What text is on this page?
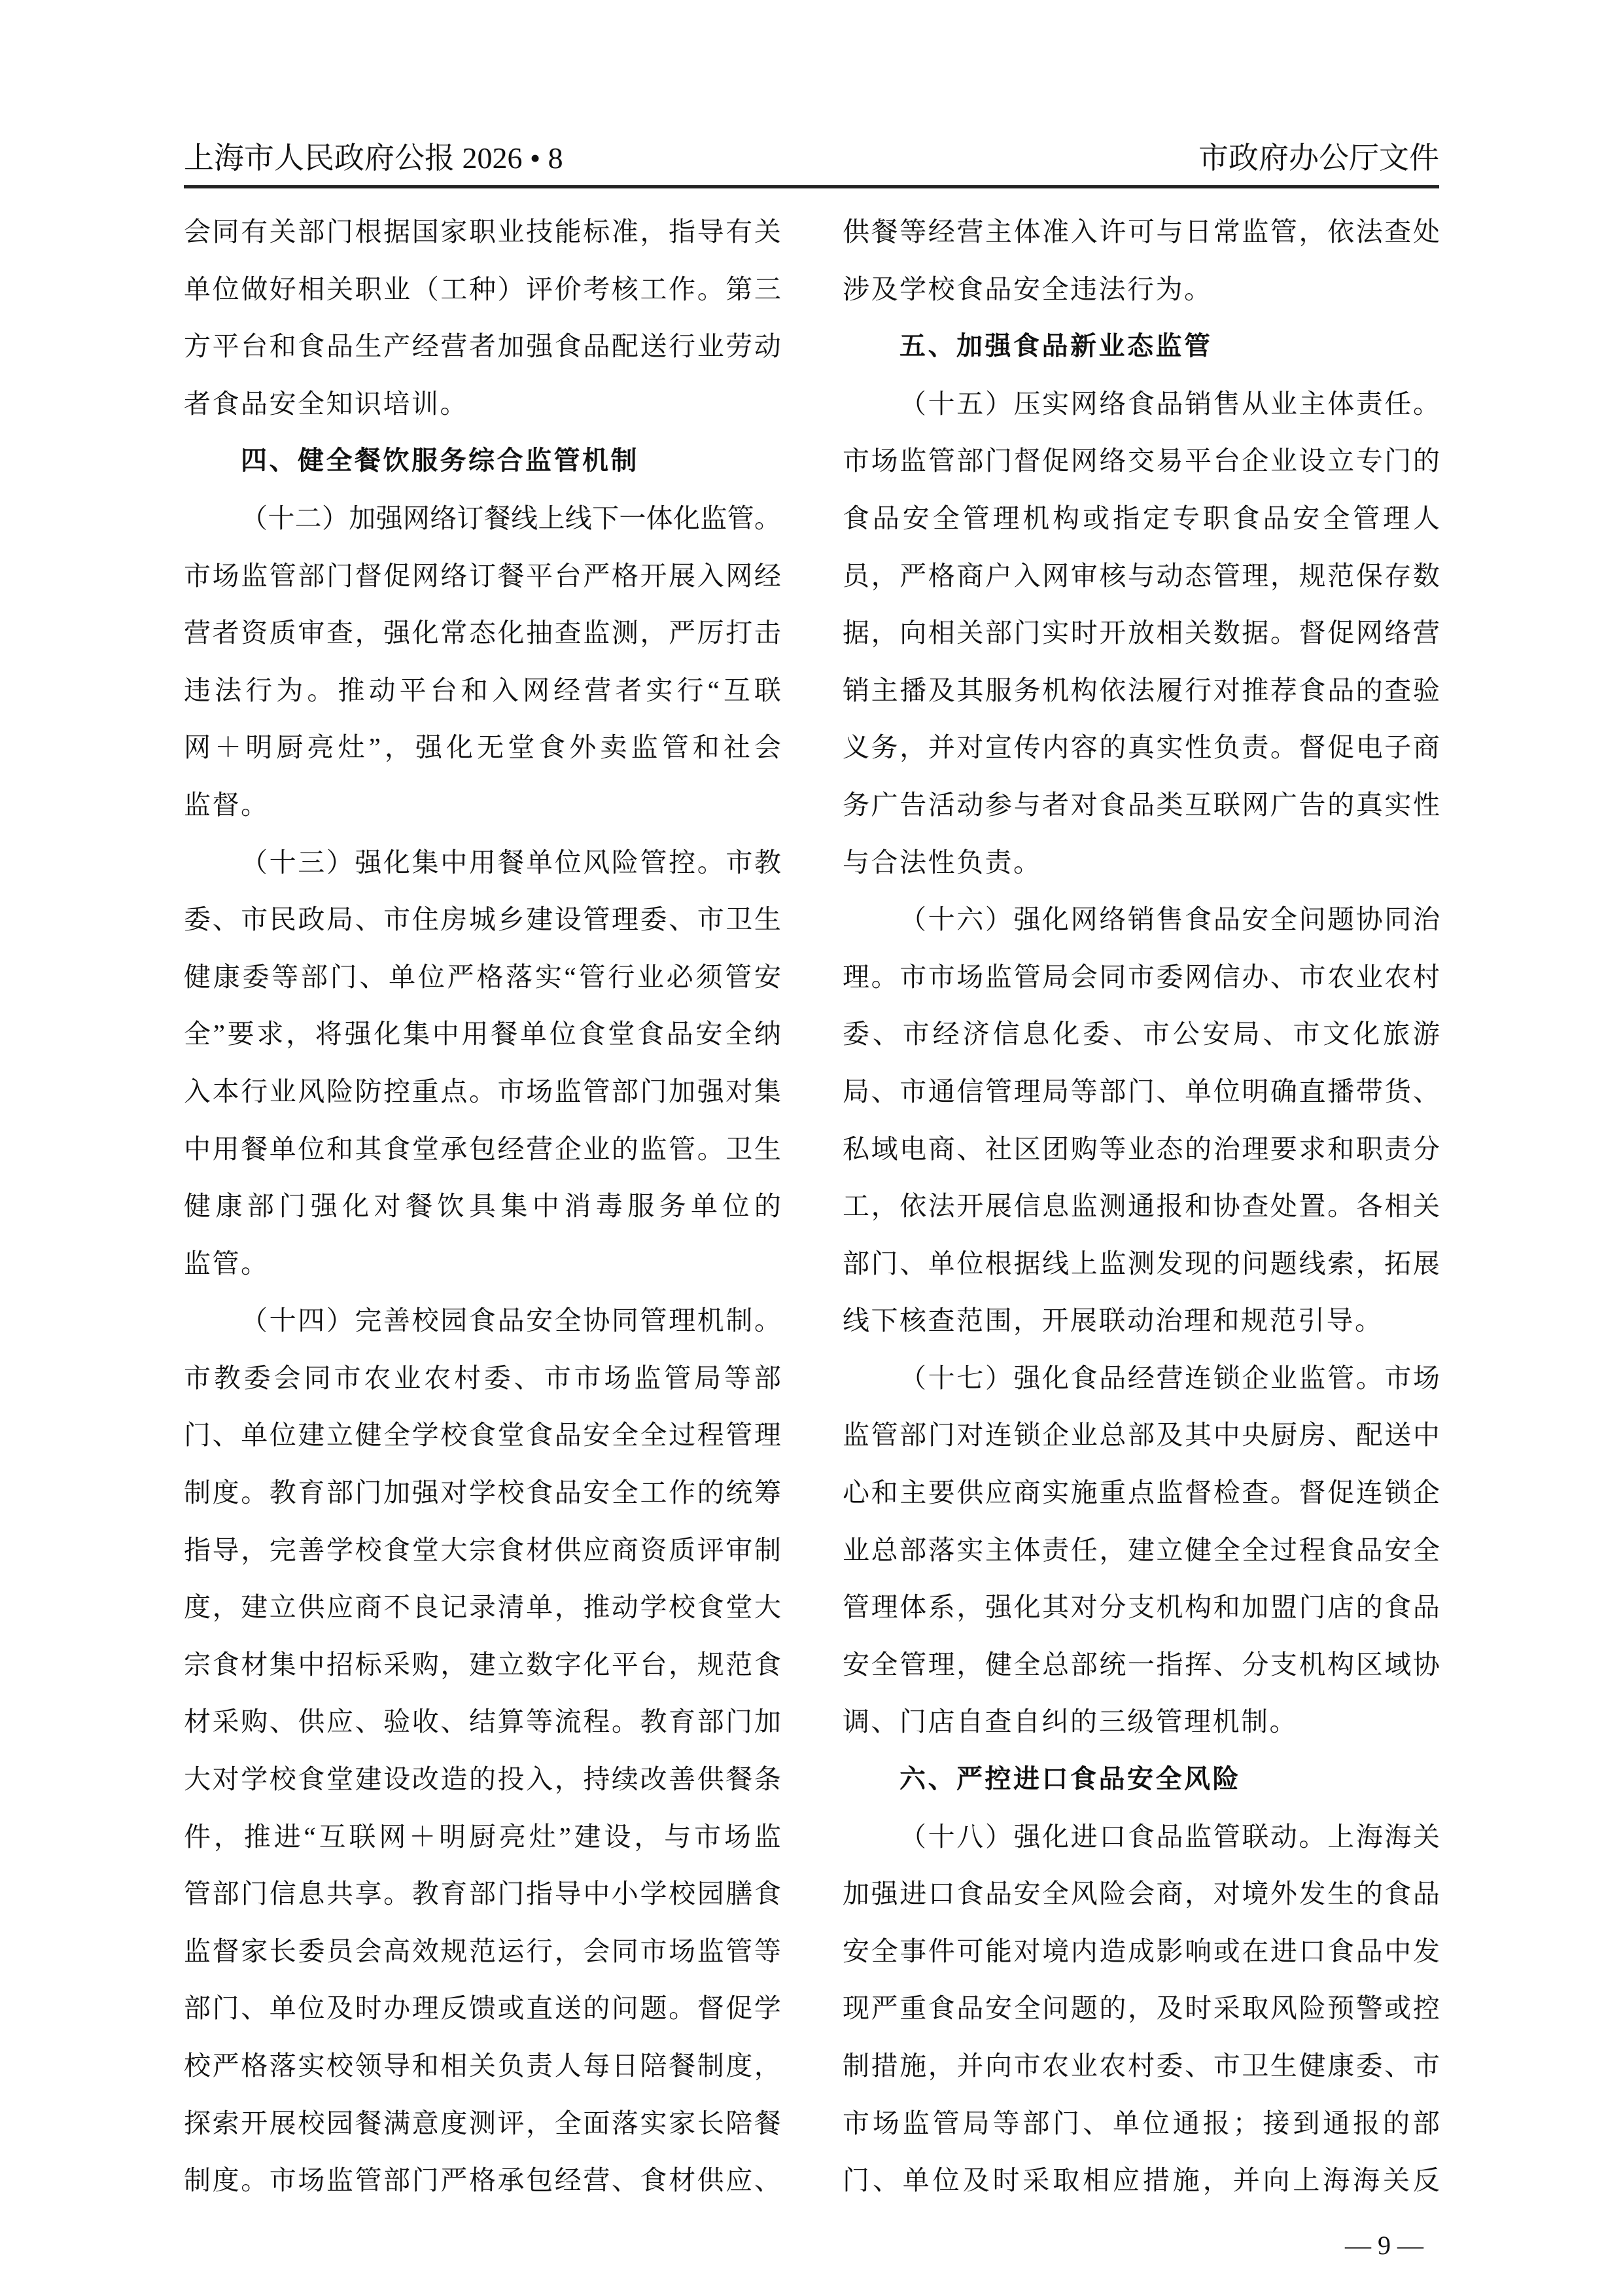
上海市人民政府公报 2026 • 8	市政府办公厅文件
会 同 有 关 部 门 根 据 国 家 职 业 技 能 标 准 ， 指 导 有 关
单 位 做 好 相 关 职 业 （ 工 种 ） 评 价 考 核 工 作 。 第 三
方 平 台 和 食 品 生 产 经 营 者 加 强 食 品 配 送 行 业 劳 动
者食品安全知识培训。
四、健全餐饮服务综合监管机制
（ 十 二 ） 加 强 网 络 订 餐 线 上 线 下 一 体 化 监 管 。
市 场 监 管 部 门 督 促 网 络 订 餐 平 台 严 格 开 展 入 网 经
营 者 资 质 审 查 ， 强 化 常 态 化 抽 查 监 测 ， 严 厉 打 击
违 法 行 为 。 推 动 平 台 和 入 网 经 营 者 实 行 “ 互 联
网 ＋ 明 厨 亮 灶 ” ， 强 化 无 堂 食 外 卖 监 管 和 社 会
监督。
（ 十 三 ） 强 化 集 中 用 餐 单 位 风 险 管 控 。 市 教
委 、 市 民 政 局 、 市 住 房 城 乡 建 设 管 理 委 、 市 卫 生
健 康 委 等 部 门 、 单 位 严 格 落 实 “ 管 行 业 必 须 管 安
全 ” 要 求 ， 将 强 化 集 中 用 餐 单 位 食 堂 食 品 安 全 纳
入 本 行 业 风 险 防 控 重 点 。 市 场 监 管 部 门 加 强 对 集
中 用 餐 单 位 和 其 食 堂 承 包 经 营 企 业 的 监 管 。 卫 生
健 康 部 门 强 化 对 餐 饮 具 集 中 消 毒 服 务 单 位 的
监管。
（ 十 四 ） 完 善 校 园 食 品 安 全 协 同 管 理 机 制 。
市 教 委 会 同 市 农 业 农 村 委 、 市 市 场 监 管 局 等 部
门 、 单 位 建 立 健 全 学 校 食 堂 食 品 安 全 全 过 程 管 理
制 度 。 教 育 部 门 加 强 对 学 校 食 品 安 全 工 作 的 统 筹
指 导 ， 完 善 学 校 食 堂 大 宗 食 材 供 应 商 资 质 评 审 制
度 ， 建 立 供 应 商 不 良 记 录 清 单 ， 推 动 学 校 食 堂 大
宗 食 材 集 中 招 标 采 购 ， 建 立 数 字 化 平 台 ， 规 范 食
材 采 购 、 供 应 、 验 收 、 结 算 等 流 程 。 教 育 部 门 加
大 对 学 校 食 堂 建 设 改 造 的 投 入 ， 持 续 改 善 供 餐 条
件 ， 推 进 “ 互 联 网 ＋ 明 厨 亮 灶 ” 建 设 ， 与 市 场 监
管 部 门 信 息 共 享 。 教 育 部 门 指 导 中 小 学 校 园 膳 食
监 督 家 长 委 员 会 高 效 规 范 运 行 ， 会 同 市 场 监 管 等
部 门 、 单 位 及 时 办 理 反 馈 或 直 送 的 问 题 。 督 促 学
校 严 格 落 实 校 领 导 和 相 关 负 责 人 每 日 陪 餐 制 度 ，
探 索 开 展 校 园 餐 满 意 度 测 评 ， 全 面 落 实 家 长 陪 餐
制 度 。 市 场 监 管 部 门 严 格 承 包 经 营 、 食 材 供 应 、
供 餐 等 经 营 主 体 准 入 许 可 与 日 常 监 管 ， 依 法 查 处
涉及学校食品安全违法行为。
五、加强食品新业态监管
（ 十 五 ） 压 实 网 络 食 品 销 售 从 业 主 体 责 任 。
市 场 监 管 部 门 督 促 网 络 交 易 平 台 企 业 设 立 专 门 的
食 品 安 全 管 理 机 构 或 指 定 专 职 食 品 安 全 管 理 人
员 ， 严 格 商 户 入 网 审 核 与 动 态 管 理 ， 规 范 保 存 数
据 ， 向 相 关 部 门 实 时 开 放 相 关 数 据 。 督 促 网 络 营
销 主 播 及 其 服 务 机 构 依 法 履 行 对 推 荐 食 品 的 查 验
义 务 ， 并 对 宣 传 内 容 的 真 实 性 负 责 。 督 促 电 子 商
务 广 告 活 动 参 与 者 对 食 品 类 互 联 网 广 告 的 真 实 性
与合法性负责。
（ 十 六 ） 强 化 网 络 销 售 食 品 安 全 问 题 协 同 治
理 。 市 市 场 监 管 局 会 同 市 委 网 信 办 、 市 农 业 农 村
委 、 市 经 济 信 息 化 委 、 市 公 安 局 、 市 文 化 旅 游
局 、 市 通 信 管 理 局 等 部 门 、 单 位 明 确 直 播 带 货 、
私 域 电 商 、 社 区 团 购 等 业 态 的 治 理 要 求 和 职 责 分
工 ， 依 法 开 展 信 息 监 测 通 报 和 协 查 处 置 。 各 相 关
部 门 、 单 位 根 据 线 上 监 测 发 现 的 问 题 线 索 ， 拓 展
线下核查范围，开展联动治理和规范引导。
（ 十 七 ） 强 化 食 品 经 营 连 锁 企 业 监 管 。 市 场
监 管 部 门 对 连 锁 企 业 总 部 及 其 中 央 厨 房 、 配 送 中
心 和 主 要 供 应 商 实 施 重 点 监 督 检 查 。 督 促 连 锁 企
业 总 部 落 实 主 体 责 任 ， 建 立 健 全 全 过 程 食 品 安 全
管 理 体 系 ， 强 化 其 对 分 支 机 构 和 加 盟 门 店 的 食 品
安 全 管 理 ， 健 全 总 部 统 一 指 挥 、 分 支 机 构 区 域 协
调、门店自查自纠的三级管理机制。
六、严控进口食品安全风险
（ 十 八 ） 强 化 进 口 食 品 监 管 联 动 。 上 海 海 关
加 强 进 口 食 品 安 全 风 险 会 商 ， 对 境 外 发 生 的 食 品
安 全 事 件 可 能 对 境 内 造 成 影 响 或 在 进 口 食 品 中 发
现 严 重 食 品 安 全 问 题 的 ， 及 时 采 取 风 险 预 警 或 控
制 措 施 ， 并 向 市 农 业 农 村 委 、 市 卫 生 健 康 委 、 市
市 场 监 管 局 等 部 门 、 单 位 通 报 ； 接 到 通 报 的 部
门 、 单 位 及 时 采 取 相 应 措 施 ， 并 向 上 海 海 关 反
— 9 —
